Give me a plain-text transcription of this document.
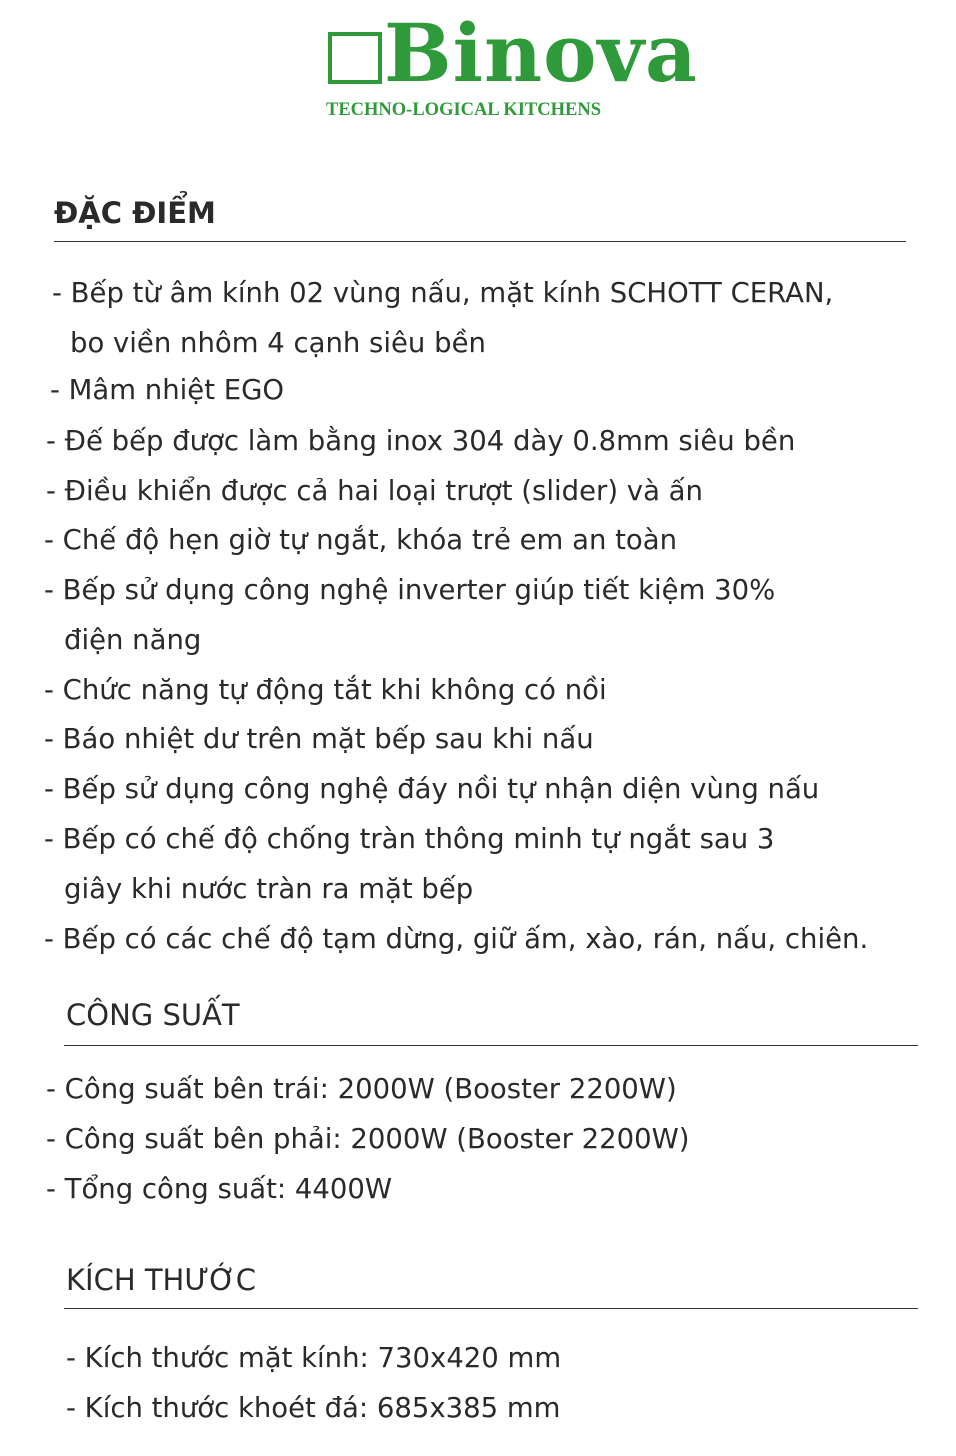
Binova
TECHNO-LOGICAL KITCHENS
ĐẶC ĐIỂM
- Bếp từ âm kính 02 vùng nấu, mặt kính SCHOTT CERAN,
bo viền nhôm 4 cạnh siêu bền
- Mâm nhiệt EGO
- Đế bếp được làm bằng inox 304 dày 0.8mm siêu bền
- Điều khiển được cả hai loại trượt (slider) và ấn
- Chế độ hẹn giờ tự ngắt, khóa trẻ em an toàn
- Bếp sử dụng công nghệ inverter giúp tiết kiệm 30%
điện năng
- Chức năng tự động tắt khi không có nồi
- Báo nhiệt dư trên mặt bếp sau khi nấu
- Bếp sử dụng công nghệ đáy nồi tự nhận diện vùng nấu
- Bếp có chế độ chống tràn thông minh tự ngắt sau 3
giây khi nước tràn ra mặt bếp
- Bếp có các chế độ tạm dừng, giữ ấm, xào, rán, nấu, chiên.
CÔNG SUẤT
- Công suất bên trái: 2000W (Booster 2200W)
- Công suất bên phải: 2000W (Booster 2200W)
- Tổng công suất: 4400W
KÍCH THƯỚC
- Kích thước mặt kính: 730x420 mm
- Kích thước khoét đá: 685x385 mm
